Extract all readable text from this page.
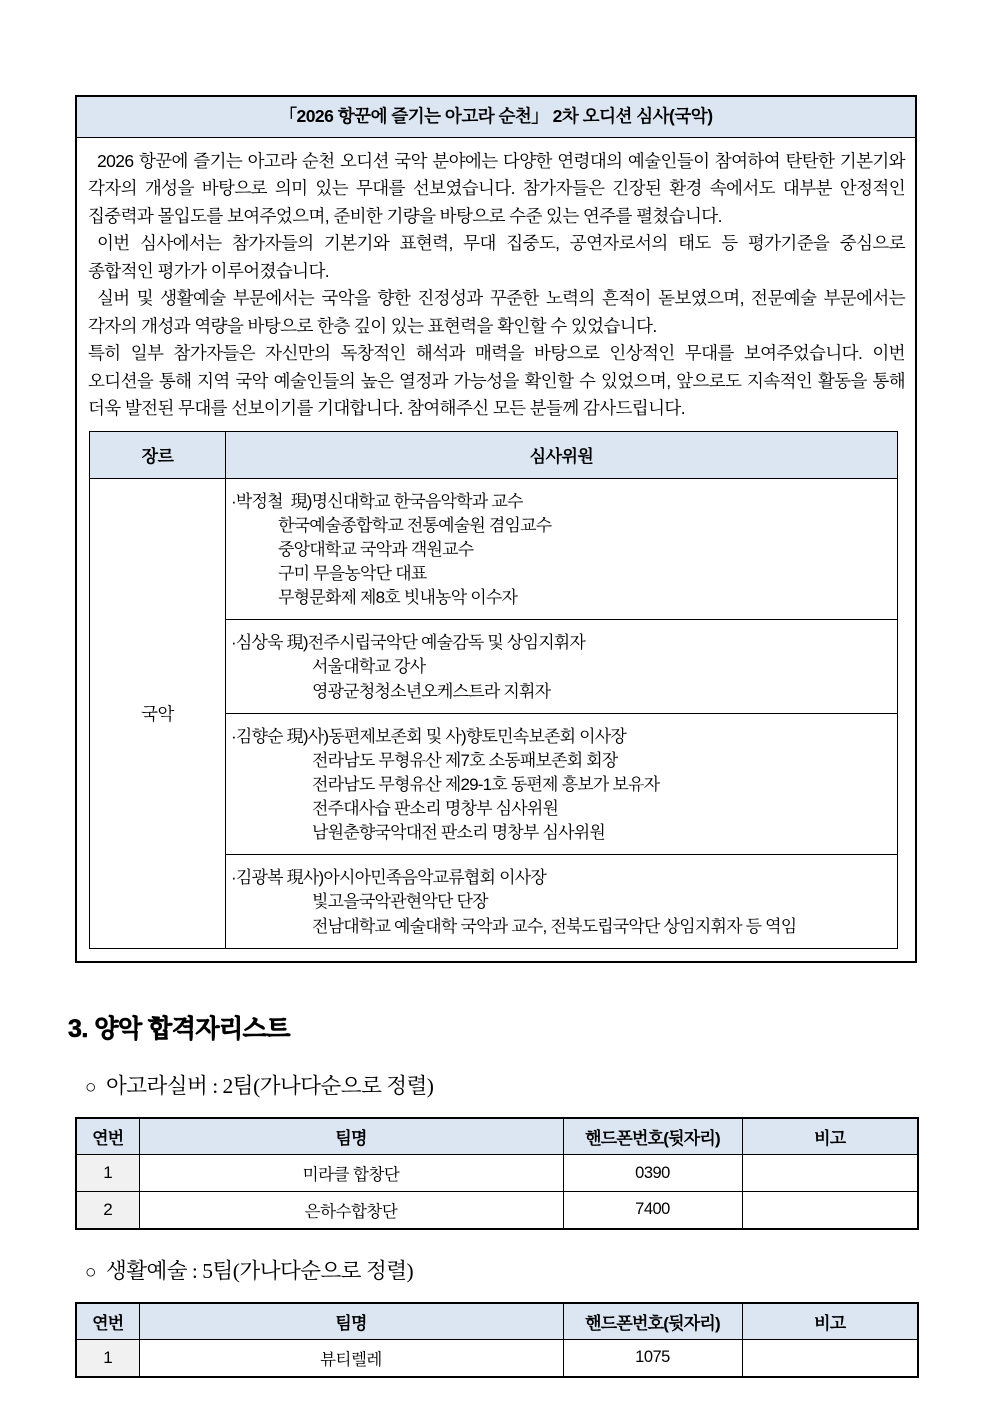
「2026 항꾼에 즐기는 아고라 순천」 2차 오디션 심사(국악)

2026 항꾼에 즐기는 아고라 순천 오디션 국악 분야에는 다양한 연령대의 예술인들이 참여하여 탄탄한 기본기와 각자의 개성을 바탕으로 의미 있는 무대를 선보였습니다. 참가자들은 긴장된 환경 속에서도 대부분 안정적인 집중력과 몰입도를 보여주었으며, 준비한 기량을 바탕으로 수준 있는 연주를 펼쳤습니다.

이번 심사에서는 참가자들의 기본기와 표현력, 무대 집중도, 공연자로서의 태도 등 평가기준을 중심으로 종합적인 평가가 이루어졌습니다.

실버 및 생활예술 부문에서는 국악을 향한 진정성과 꾸준한 노력의 흔적이 돋보였으며, 전문예술 부문에서는 각자의 개성과 역량을 바탕으로 한층 깊이 있는 표현력을 확인할 수 있었습니다.

특히 일부 참가자들은 자신만의 독창적인 해석과 매력을 바탕으로 인상적인 무대를 보여주었습니다. 이번 오디션을 통해 지역 국악 예술인들의 높은 열정과 가능성을 확인할 수 있었으며, 앞으로도 지속적인 활동을 통해 더욱 발전된 무대를 선보이기를 기대합니다. 참여해주신 모든 분들께 감사드립니다.

장르	심사위원
국악	·박정철  現)명신대학교 한국음악학과 교수
한국예술종합학교 전통예술원 겸임교수
중앙대학교 국악과 객원교수
구미 무을농악단 대표
무형문화제 제8호 빗내농악 이수자

	·심상욱 現)전주시립국악단 예술감독 및 상임지휘자
서울대학교 강사
영광군청청소년오케스트라 지휘자

	·김향순 現)사)동편제보존회 및 사)향토민속보존회 이사장
전라남도 무형유산 제7호 소동패보존회 회장
전라남도 무형유산 제29-1호 동편제 흥보가 보유자
전주대사습 판소리 명창부 심사위원
남원춘향국악대전 판소리 명창부 심사위원

	·김광복 現사)아시아민족음악교류협회 이사장
빛고을국악관현악단 단장
전남대학교 예술대학 국악과 교수, 전북도립국악단 상임지휘자 등 역임
3. 양악 합격자리스트
○ 아고라실버 : 2팀(가나다순으로 정렬)
연번	팀명	핸드폰번호(뒷자리)	비고
1	미라클 합창단	0390	
2	은하수합창단	7400	
○ 생활예술 : 5팀(가나다순으로 정렬)
연번	팀명	핸드폰번호(뒷자리)	비고
1	뷰티렐레	1075	
